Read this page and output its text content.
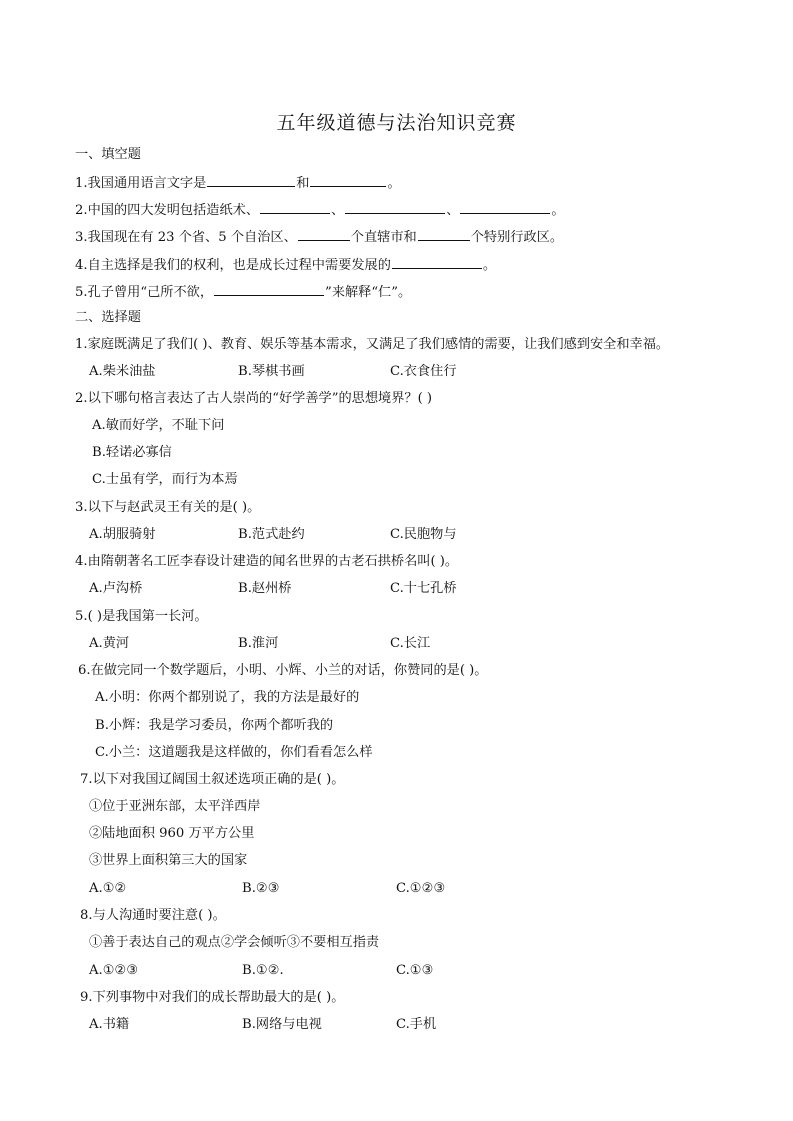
五年级道德与法治知识竞赛
一、填空题
1.我国通用语言文字是	和	。
2.中国的四大发明包括造纸术、	、	、	。
3.我国现在有 23 个省、5 个自治区、	个直辖市和	个特别行政区。
4.自主选择是我们的权利，也是成长过程中需要发展的	。
5.孔子曾用“己所不欲，	”来解释“仁”。
二、选择题
1.家庭既满足了我们( )、教育、娱乐等基本需求，又满足了我们感情的需要，让我们感到安全和幸福。
A.柴米油盐	B.琴棋书画	C.衣食住行
2.以下哪句格言表达了古人崇尚的“好学善学”的思想境界？( )
A.敏而好学，不耻下问
B.轻诺必寡信
C.士虽有学，而行为本焉
3.以下与赵武灵王有关的是( )。
A.胡服骑射	B.范式赴约	C.民胞物与
4.由隋朝著名工匠李春设计建造的闻名世界的古老石拱桥名叫( )。
A.卢沟桥	B.赵州桥	C.十七孔桥
5.( )是我国第一长河。
A.黄河	B.淮河	C.长江
6.在做完同一个数学题后，小明、小辉、小兰的对话，你赞同的是( )。
A.小明：你两个都别说了，我的方法是最好的
B.小辉：我是学习委员，你两个都听我的
C.小兰：这道题我是这样做的，你们看看怎么样
7.以下对我国辽阔国土叙述选项正确的是( )。
①位于亚洲东部，太平洋西岸
②陆地面积 960 万平方公里
③世界上面积第三大的国家
A.①②	B.②③	C.①②③
8.与人沟通时要注意( )。
①善于表达自己的观点②学会倾听③不要相互指责
A.①②③	B.①②.	C.①③
9.下列事物中对我们的成长帮助最大的是( )。
A.书籍	B.网络与电视	C.手机
